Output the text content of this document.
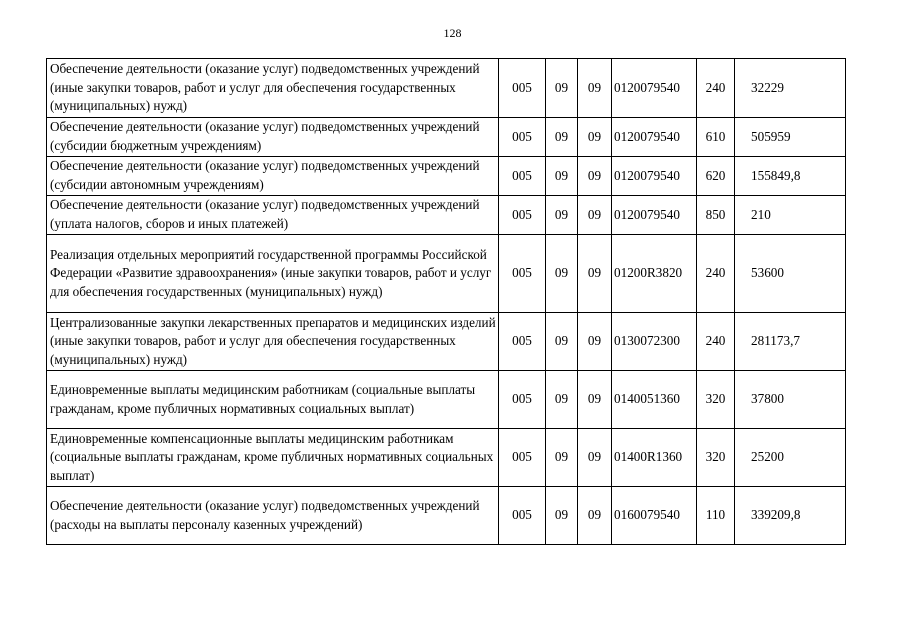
128
Обеспечение деятельности (оказание услуг) подведомственных учреждений (иные закупки товаров, работ и услуг для обеспечения государственных (муниципальных) нужд)	005	09	09	0120079540	240	32229
Обеспечение деятельности (оказание услуг) подведомственных учреждений (субсидии бюджетным учреждениям)	005	09	09	0120079540	610	505959
Обеспечение деятельности (оказание услуг) подведомственных учреждений (субсидии автономным учреждениям)	005	09	09	0120079540	620	155849,8
Обеспечение деятельности (оказание услуг) подведомственных учреждений (уплата налогов, сборов и иных платежей)	005	09	09	0120079540	850	210
Реализация отдельных мероприятий государственной программы Российской Федерации «Развитие здравоохранения» (иные закупки товаров, работ и услуг для обеспечения государственных (муниципальных) нужд)	005	09	09	01200R3820	240	53600
Централизованные закупки лекарственных препаратов и медицинских изделий (иные закупки товаров, работ и услуг для обеспечения государственных (муниципальных) нужд)	005	09	09	0130072300	240	281173,7
Единовременные выплаты медицинским работникам (социальные выплаты гражданам, кроме публичных нормативных социальных выплат)	005	09	09	0140051360	320	37800
Единовременные компенсационные выплаты медицинским работникам (социальные выплаты гражданам, кроме публичных нормативных социальных выплат)	005	09	09	01400R1360	320	25200
Обеспечение деятельности (оказание услуг) подведомственных учреждений (расходы на выплаты персоналу казенных учреждений)	005	09	09	0160079540	110	339209,8
